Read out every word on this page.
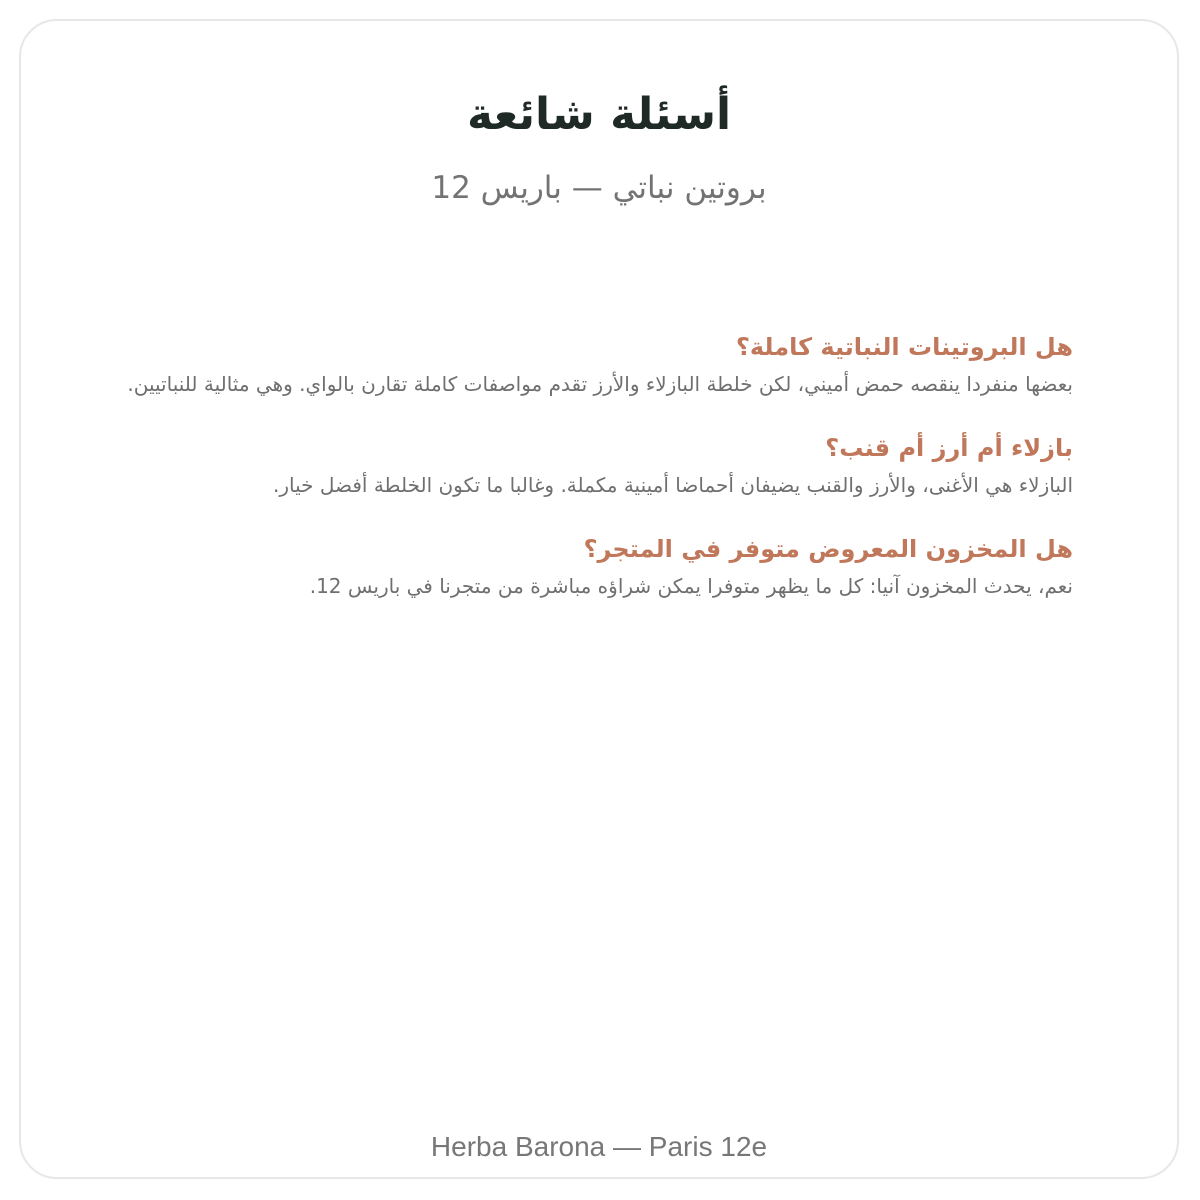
أسئلة شائعة
بروتين نباتي — باريس 12

هل البروتينات النباتية كاملة؟

بعضها منفردا ينقصه حمض أميني، لكن خلطة البازلاء والأرز تقدم مواصفات كاملة تقارن بالواي. وهي مثالية للنباتيين.

بازلاء أم أرز أم قنب؟

البازلاء هي الأغنى، والأرز والقنب يضيفان أحماضا أمينية مكملة. وغالبا ما تكون الخلطة أفضل خيار.

هل المخزون المعروض متوفر في المتجر؟

نعم، يحدث المخزون آنيا: كل ما يظهر متوفرا يمكن شراؤه مباشرة من متجرنا في باريس 12.

Herba Barona — Paris 12e
